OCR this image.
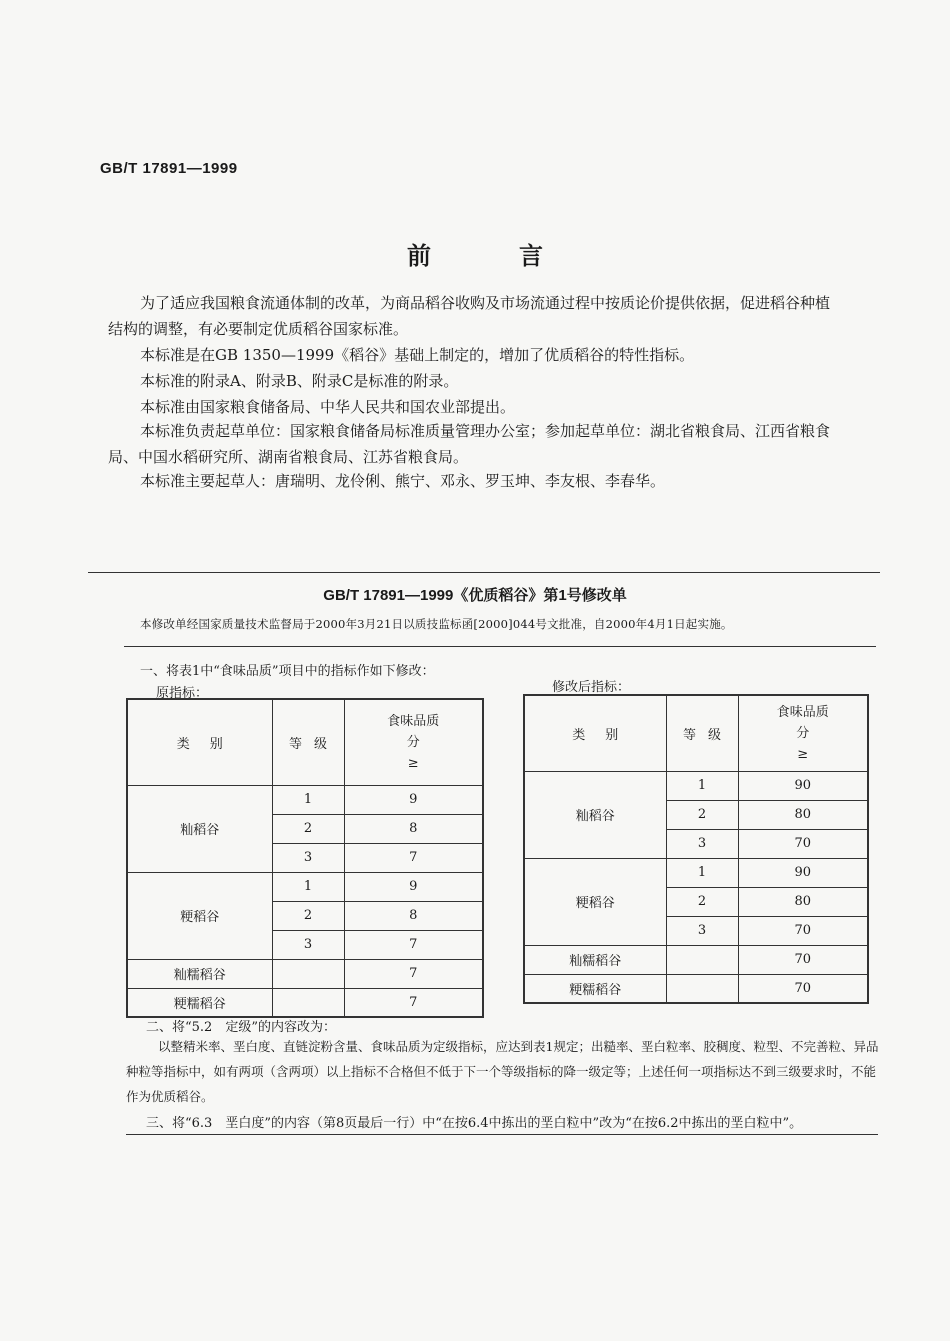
GB/T 17891—1999
前言
为了适应我国粮食流通体制的改革，为商品稻谷收购及市场流通过程中按质论价提供依据，促进稻谷种植结构的调整，有必要制定优质稻谷国家标准。
本标准是在GB 1350—1999《稻谷》基础上制定的，增加了优质稻谷的特性指标。
本标准的附录A、附录B、附录C是标准的附录。
本标准由国家粮食储备局、中华人民共和国农业部提出。
本标准负责起草单位：国家粮食储备局标准质量管理办公室；参加起草单位：湖北省粮食局、江西省粮食局、中国水稻研究所、湖南省粮食局、江苏省粮食局。
本标准主要起草人：唐瑞明、龙伶俐、熊宁、邓永、罗玉坤、李友根、李春华。
GB/T 17891—1999《优质稻谷》第1号修改单
本修改单经国家质量技术监督局于2000年3月21日以质技监标函[2000]044号文批准，自2000年4月1日起实施。
一、将表1中“食味品质”项目中的指标作如下修改：
原指标：	修改后指标：
类别	等级	食味品质
分
≥

籼稻谷	1	9
	2	8
	3	7
粳稻谷	1	9
	2	8
	3	7
籼糯稻谷		7
粳糯稻谷		7
类别	等级	食味品质
分
≥

籼稻谷	1	90
	2	80
	3	70
粳稻谷	1	90
	2	80
	3	70
籼糯稻谷		70
粳糯稻谷		70
二、将“5.2　定级”的内容改为：
以整精米率、垩白度、直链淀粉含量、食味品质为定级指标，应达到表1规定；出糙率、垩白粒率、胶稠度、粒型、不完善粒、异品种粒等指标中，如有两项（含两项）以上指标不合格但不低于下一个等级指标的降一级定等；上述任何一项指标达不到三级要求时，不能作为优质稻谷。
三、将“6.3　垩白度”的内容（第8页最后一行）中“在按6.4中拣出的垩白粒中”改为“在按6.2中拣出的垩白粒中”。
